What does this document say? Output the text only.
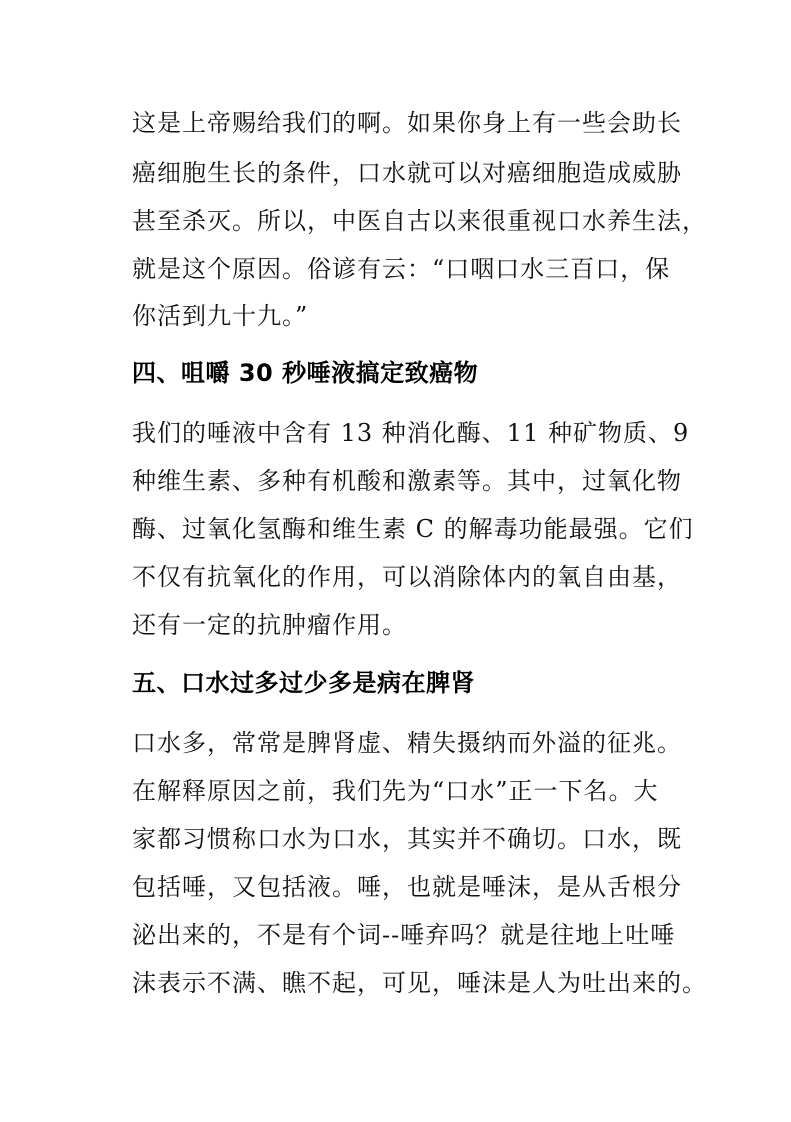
这是上帝赐给我们的啊。如果你身上有一些会助长
癌细胞生长的条件，口水就可以对癌细胞造成威胁
甚至杀灭。所以，中医自古以来很重视口水养生法，
就是这个原因。俗谚有云：“口咽口水三百口，保
你活到九十九。”
四、咀嚼 30 秒唾液搞定致癌物
我们的唾液中含有 13 种消化酶、11 种矿物质、9
种维生素、多种有机酸和激素等。其中，过氧化物
酶、过氧化氢酶和维生素 C 的解毒功能最强。它们
不仅有抗氧化的作用，可以消除体内的氧自由基，
还有一定的抗肿瘤作用。
五、口水过多过少多是病在脾肾
口水多，常常是脾肾虚、精失摄纳而外溢的征兆。
在解释原因之前，我们先为“口水”正一下名。大
家都习惯称口水为口水，其实并不确切。口水，既
包括唾，又包括液。唾，也就是唾沫，是从舌根分
泌出来的，不是有个词--唾弃吗？就是往地上吐唾
沫表示不满、瞧不起，可见，唾沫是人为吐出来的。
